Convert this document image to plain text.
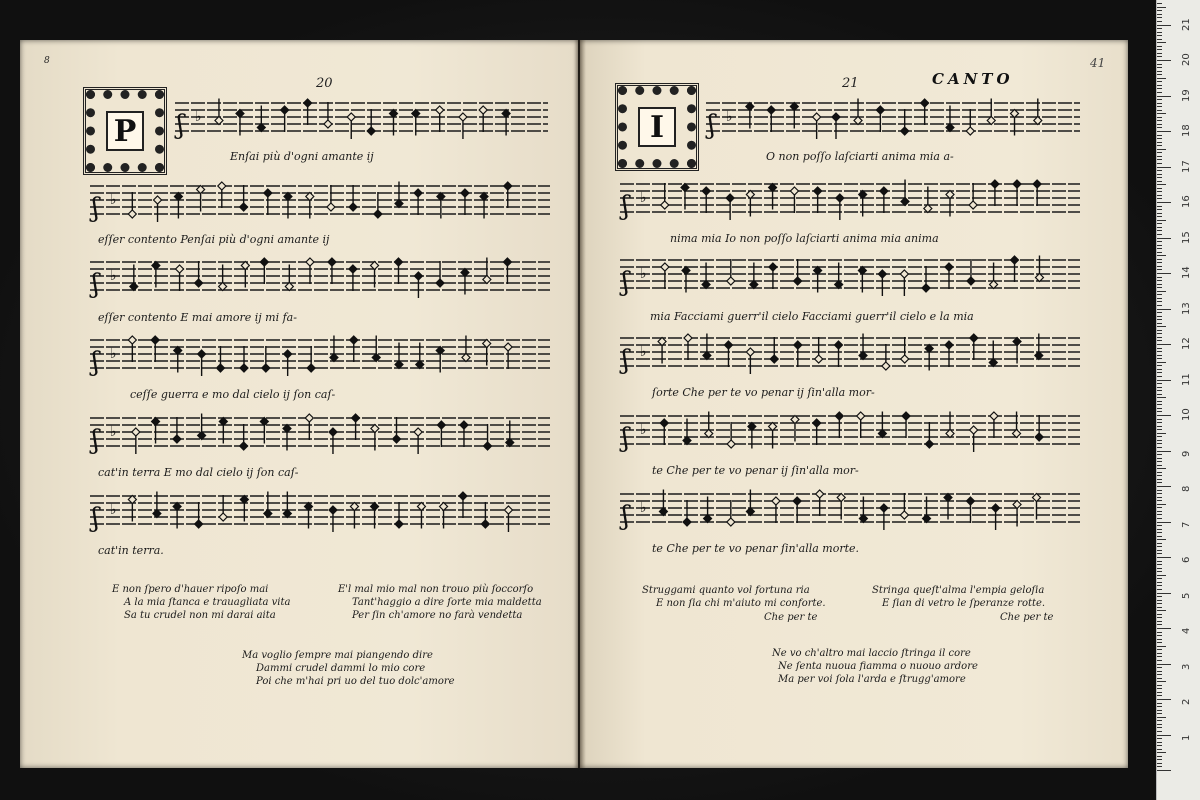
8
20
P ʃ ♭
Enſai più d'ogni amante ij
ʃ ♭
eſſer contento Penſai più d'ogni amante ij
ʃ ♭
eſſer contento E mai amore ij mi fa-
ʃ ♭
ceſſe guerra e mo dal cielo ij ſon caſ-
ʃ ♭
cat'in terra E mo dal cielo ij ſon caſ-
ʃ ♭
cat'in terra.
E non ſpero d'hauer ripoſo mai
A la mia ſtanca e trauagliata vita
Sa tu crudel non mi darai aita
E'l mal mio mal non trouo più ſoccorſo
Tant'haggio a dire ſorte mia maldetta
Per ſin ch'amore no farà vendetta
Ma voglio ſempre mai piangendo dire
Dammi crudel dammi lo mio core
Poi che m'hai pri uo del tuo dolc'amore
21	CANTO
41
I	ʃ ♭
O non poſſo laſciarti anima mia a-
ʃ ♭
nima mia Io non poſſo laſciarti anima mia anima
ʃ ♭
mia Facciami guerr'il cielo Facciami guerr'il cielo e la mia
ʃ ♭
ſorte Che per te vo penar ij ſin'alla mor-
ʃ ♭
te Che per te vo penar ij ſin'alla mor-
ʃ ♭
te Che per te vo penar ſin'alla morte.
Struggami quanto vol fortuna ria
E non ſia chi m'aiuto mi conforte.
Che per te
Stringa queſt'alma l'empia geloſia
E ſian di vetro le ſperanze rotte.
Che per te
Ne vo ch'altro mai laccio ſtringa il core
Ne ſenta nuoua fiamma o nuouo ardore
Ma per voi ſola l'arda e ſtrugg'amore
1
2
3
4
5
6
7
8
9
10
11
12
13
14
15
16
17
18
19
20
21
